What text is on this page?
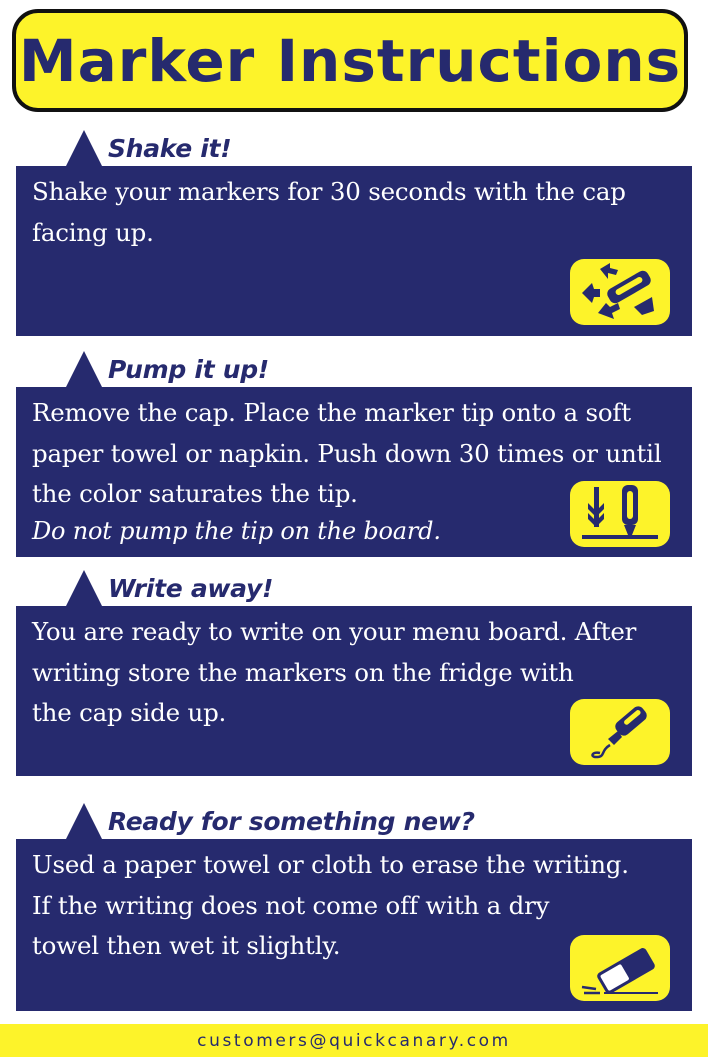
Marker Instructions
Shake it!

Shake your markers for 30 seconds with the cap
facing up.

Pump it up!

Remove the cap. Place the marker tip onto a soft
paper towel or napkin. Push down 30 times or until
the color saturates the tip.

Do not pump the tip on the board.
Write away!

You are ready to write on your menu board. After
writing store the markers on the fridge with
the cap side up.

Ready for something new?

Used a paper towel or cloth to erase the writing.
If the writing does not come off with a dry
towel then wet it slightly.

customers@quickcanary.com
